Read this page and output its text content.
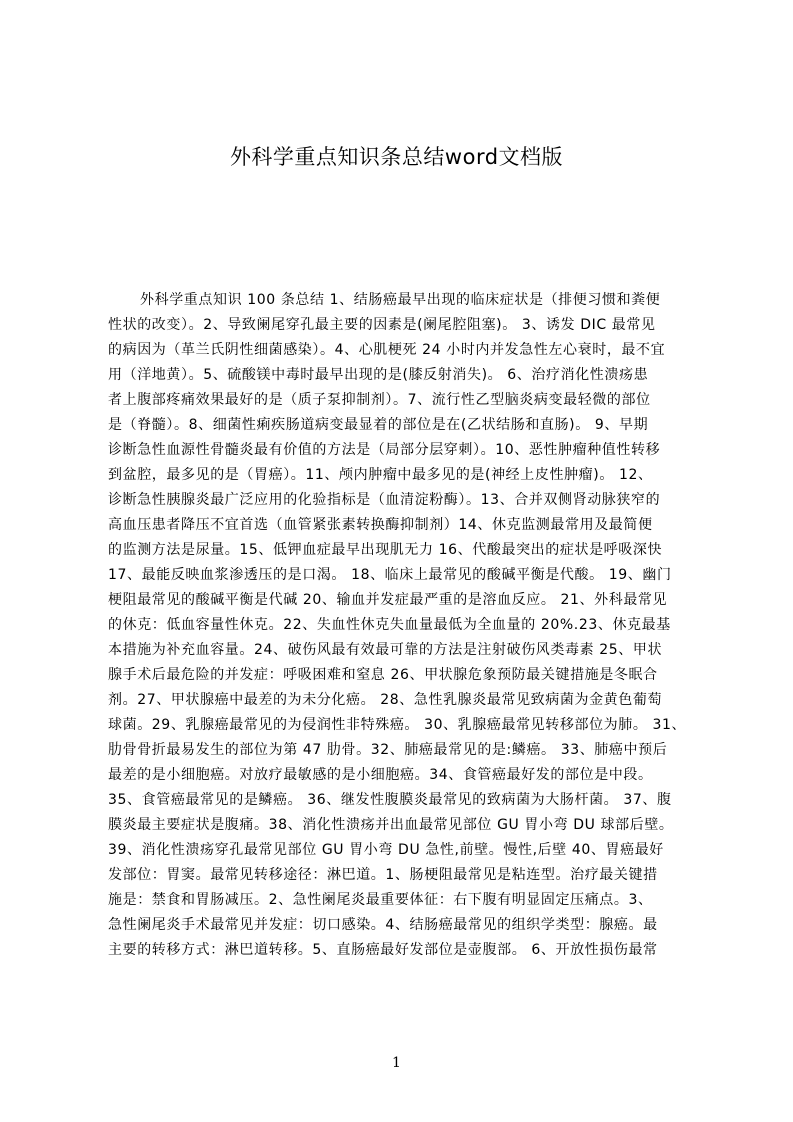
外科学重点知识条总结word文档版
外科学重点知识 100 条总结 1、结肠癌最早出现的临床症状是（排便习惯和粪便
性状的改变）。2、导致阑尾穿孔最主要的因素是(阑尾腔阻塞)。 3、诱发 DIC 最常见
的病因为（革兰氏阴性细菌感染）。4、心肌梗死 24 小时内并发急性左心衰时，最不宜
用（洋地黄）。5、硫酸镁中毒时最早出现的是(膝反射消失)。 6、治疗消化性溃疡患
者上腹部疼痛效果最好的是（质子泵抑制剂）。7、流行性乙型脑炎病变最轻微的部位
是（脊髓）。8、细菌性痢疾肠道病变最显着的部位是在(乙状结肠和直肠)。 9、早期
诊断急性血源性骨髓炎最有价值的方法是（局部分层穿刺）。10、恶性肿瘤种值性转移
到盆腔，最多见的是（胃癌）。11、颅内肿瘤中最多见的是(神经上皮性肿瘤)。 12、
诊断急性胰腺炎最广泛应用的化验指标是（血清淀粉酶）。13、合并双侧肾动脉狭窄的
高血压患者降压不宜首选（血管紧张素转换酶抑制剂）14、休克监测最常用及最简便
的监测方法是尿量。15、低钾血症最早出现肌无力 16、代酸最突出的症状是呼吸深快
17、最能反映血浆渗透压的是口渴。 18、临床上最常见的酸碱平衡是代酸。 19、幽门
梗阻最常见的酸碱平衡是代碱 20、输血并发症最严重的是溶血反应。 21、外科最常见
的休克：低血容量性休克。22、失血性休克失血量最低为全血量的 20%.23、休克最基
本措施为补充血容量。24、破伤风最有效最可靠的方法是注射破伤风类毒素 25、甲状
腺手术后最危险的并发症：呼吸困难和窒息 26、甲状腺危象预防最关键措施是冬眠合
剂。27、甲状腺癌中最差的为未分化癌。 28、急性乳腺炎最常见致病菌为金黄色葡萄
球菌。29、乳腺癌最常见的为侵润性非特殊癌。 30、乳腺癌最常见转移部位为肺。 31、
肋骨骨折最易发生的部位为第 47 肋骨。32、肺癌最常见的是:鳞癌。 33、肺癌中预后
最差的是小细胞癌。对放疗最敏感的是小细胞癌。34、食管癌最好发的部位是中段。
35、食管癌最常见的是鳞癌。 36、继发性腹膜炎最常见的致病菌为大肠杆菌。 37、腹
膜炎最主要症状是腹痛。38、消化性溃疡并出血最常见部位 GU 胃小弯 DU 球部后壁。
39、消化性溃疡穿孔最常见部位 GU 胃小弯 DU 急性,前壁。慢性,后壁 40、胃癌最好
发部位：胃窦。最常见转移途径：淋巴道。1、肠梗阻最常见是粘连型。治疗最关键措
施是：禁食和胃肠减压。2、急性阑尾炎最重要体征：右下腹有明显固定压痛点。3、
急性阑尾炎手术最常见并发症：切口感染。4、结肠癌最常见的组织学类型：腺癌。最
主要的转移方式：淋巴道转移。5、直肠癌最好发部位是壶腹部。 6、开放性损伤最常
1
